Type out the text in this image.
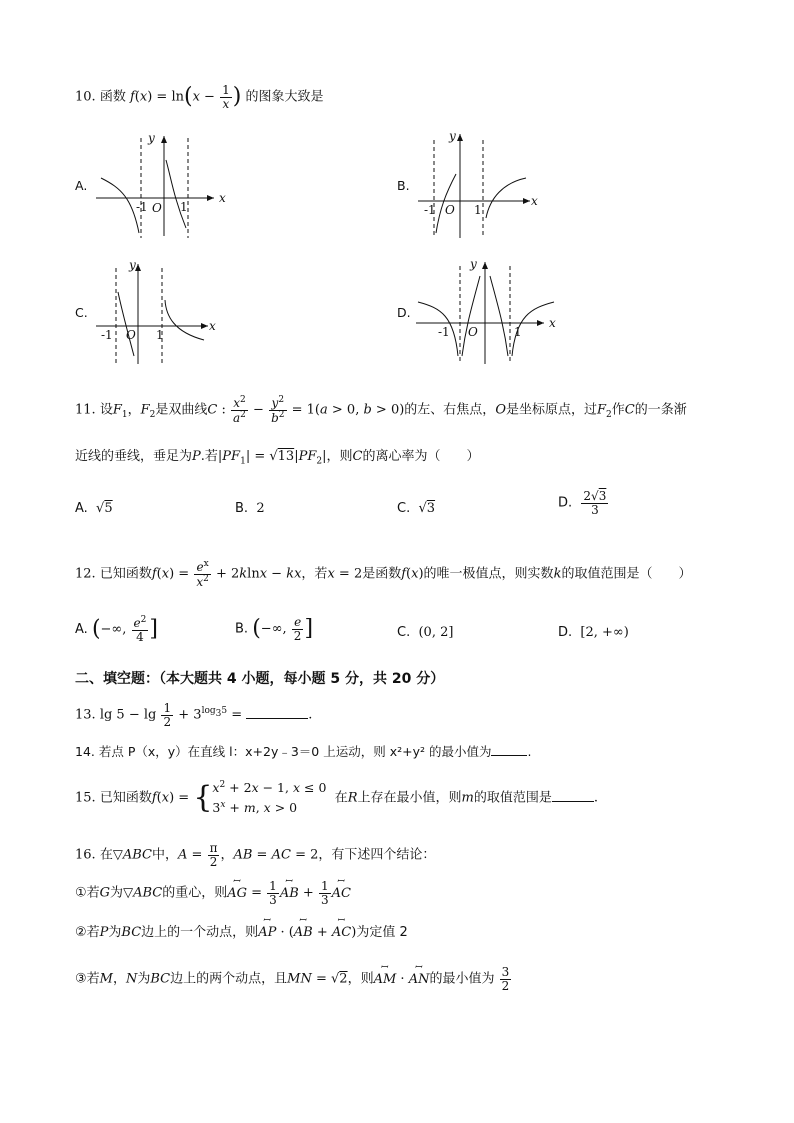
10. 函数 $f(x) = \ln(x - \frac{1}{x}$ ) 的图象大致是
A.
y
x
O
-1	1
B.
y
x
O
-1	1
C.
y
x
O
-1	1
D.
y
x
O
-1	1
11. 设$F_1$，$F_2$是双曲线C : $\frac{x^2}{a^2} - \frac{y^2}{b^2} = 1(a > 0$, b > 0)的左、右焦点，O是坐标原点，过$F_2$作C的一条渐
近线的垂线，垂足为P.若$|PF_1| = √13|PF_2|$，则C的离心率为（　　）
A.  √5	B. 2	C.  √3	D. $\frac{2√3}{3}$
12. 已知函数$f(x) = \frac{e^x}{x^2} + 2klnx$ − kx，若x = 2是函数f(x)的唯一极值点，则实数k的取值范围是（　　）
A. (−∞, $\frac{e^2}{4}$ ]	B. (−∞, $\frac{e}{2}$ ]	C.  (0, 2]	D.  [2, +∞)
二、填空题：（本大题共 4 小题，每小题 5 分，共 20 分）
13. $\lg 5 - \lg \frac{1}{2} + 3^{log_35}$ =	.
14. 若点 P（x，y）在直线 l：x+2y﹣3＝0 上运动，则 x²+y² 的最小值为	.
15. 已知函数$f(x) = \{x^2 + 2x - 1$, x ≤ 0
$3^x + m$, x > 0  在R上存在最小值，则m的取值范围是	.
16. 在▽ABC中，$A = \frac{\pi}{2}$ ，AB = AC = 2，有下述四个结论：
①若G为▽ABC的重心，则ꟷ AG = $\frac{1}{3}$ ꟷ AB + $\frac{1}{3}$ ꟷ AC
②若P为BC边上的一个动点，则ꟷ AP · (ꟷ AB + ꟷ AC)为定值 2
③若M，N为BC边上的两个动点，且MN = √2，则ꟷ AM · ꟷ AN的最小值为 $\frac{3}{2}$
